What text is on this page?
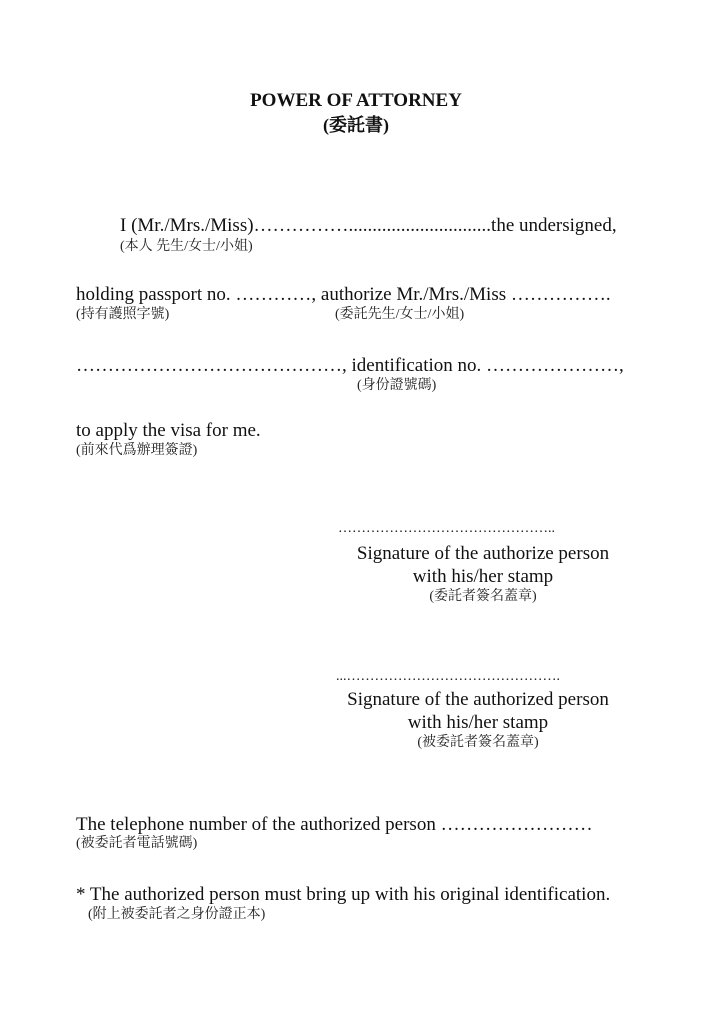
POWER OF ATTORNEY
(委託書)
I (Mr./Mrs./Miss)……………..............................the undersigned,
(本人 先生/女士/小姐)
holding passport no. …………, authorize Mr./Mrs./Miss …………….
(持有護照字號)	(委託先生/女士/小姐)
……………………………………, identification no. …………………,
(身份證號碼)
to apply the visa for me.
(前來代爲辦理簽證)
………………………………………..
Signature of the authorize person
with his/her stamp
(委託者簽名蓋章)
...……………………………………….
Signature of the authorized person
with his/her stamp
(被委託者簽名蓋章)
The telephone number of the authorized person ……………………
(被委託者電話號碼)
* The authorized person must bring up with his original identification.
(附上被委託者之身份證正本)
